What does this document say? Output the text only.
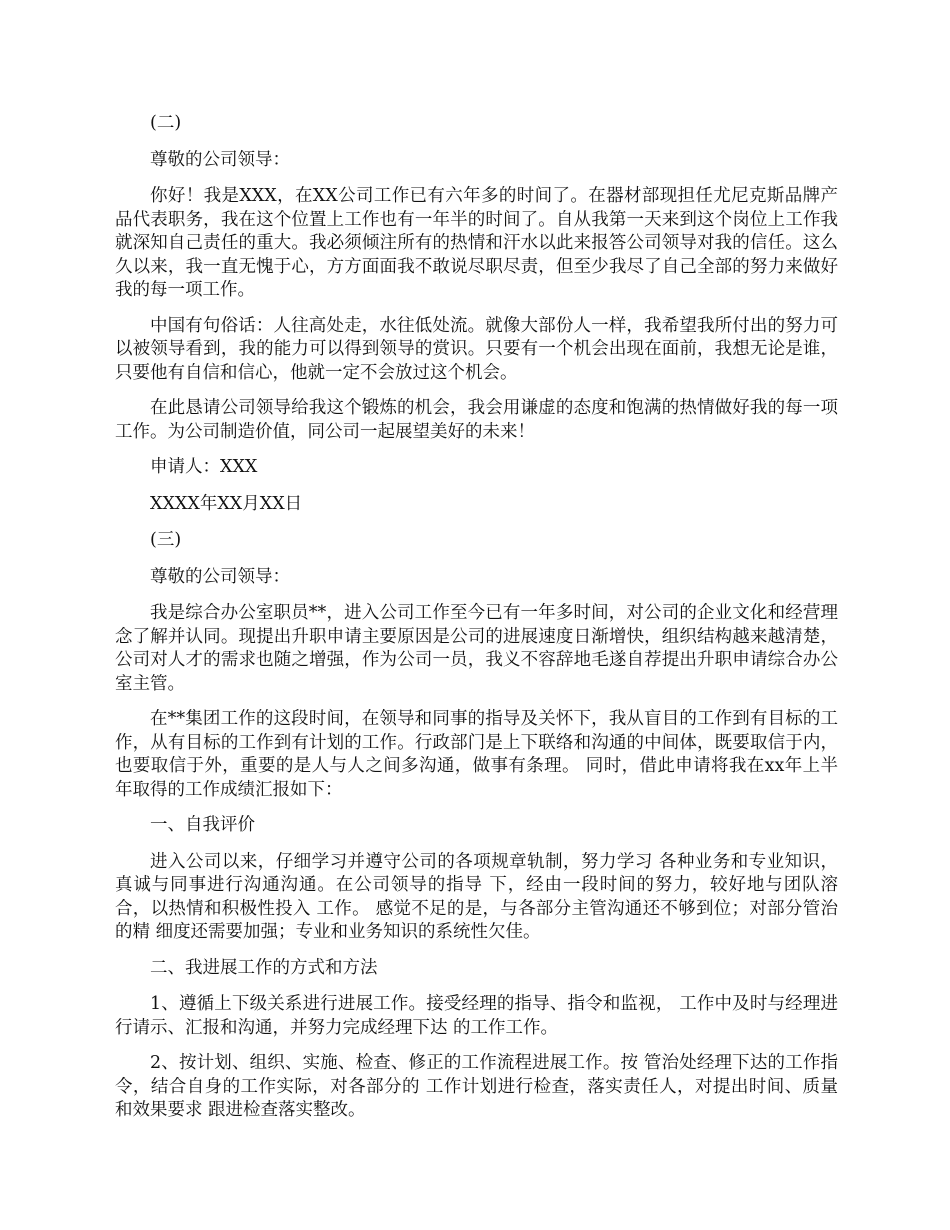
(二)

尊敬的公司领导：

你好！我是XXX，在XX公司工作已有六年多的时间了。在器材部现担任尤尼克斯品牌产品代表职务，我在这个位置上工作也有一年半的时间了。自从我第一天来到这个岗位上工作我就深知自己责任的重大。我必须倾注所有的热情和汗水以此来报答公司领导对我的信任。这么久以来，我一直无愧于心，方方面面我不敢说尽职尽责，但至少我尽了自己全部的努力来做好我的每一项工作。

中国有句俗话：人往高处走，水往低处流。就像大部份人一样，我希望我所付出的努力可以被领导看到，我的能力可以得到领导的赏识。只要有一个机会出现在面前，我想无论是谁，只要他有自信和信心，他就一定不会放过这个机会。

在此恳请公司领导给我这个锻炼的机会，我会用谦虚的态度和饱满的热情做好我的每一项工作。为公司制造价值，同公司一起展望美好的未来！

申请人：XXX

XXXX年XX月XX日

(三)

尊敬的公司领导：

我是综合办公室职员**，进入公司工作至今已有一年多时间，对公司的企业文化和经营理念了解并认同。现提出升职申请主要原因是公司的进展速度日渐增快，组织结构越来越清楚，公司对人才的需求也随之增强，作为公司一员，我义不容辞地毛遂自荐提出升职申请综合办公室主管。

在**集团工作的这段时间，在领导和同事的指导及关怀下，我从盲目的工作到有目标的工作，从有目标的工作到有计划的工作。行政部门是上下联络和沟通的中间体，既要取信于内，也要取信于外，重要的是人与人之间多沟通，做事有条理。 同时，借此申请将我在xx年上半年取得的工作成绩汇报如下：

一、自我评价

进入公司以来，仔细学习并遵守公司的各项规章轨制，努力学习 各种业务和专业知识，真诚与同事进行沟通沟通。在公司领导的指导 下，经由一段时间的努力，较好地与团队溶合，以热情和积极性投入 工作。 感觉不足的是，与各部分主管沟通还不够到位；对部分管治的精 细度还需要加强；专业和业务知识的系统性欠佳。

二、我进展工作的方式和方法

1、遵循上下级关系进行进展工作。接受经理的指导、指令和监视， 工作中及时与经理进行请示、汇报和沟通，并努力完成经理下达 的工作工作。

2、按计划、组织、实施、检查、修正的工作流程进展工作。按 管治处经理下达的工作指令，结合自身的工作实际，对各部分的 工作计划进行检查，落实责任人，对提出时间、质量和效果要求 跟进检查落实整改。
